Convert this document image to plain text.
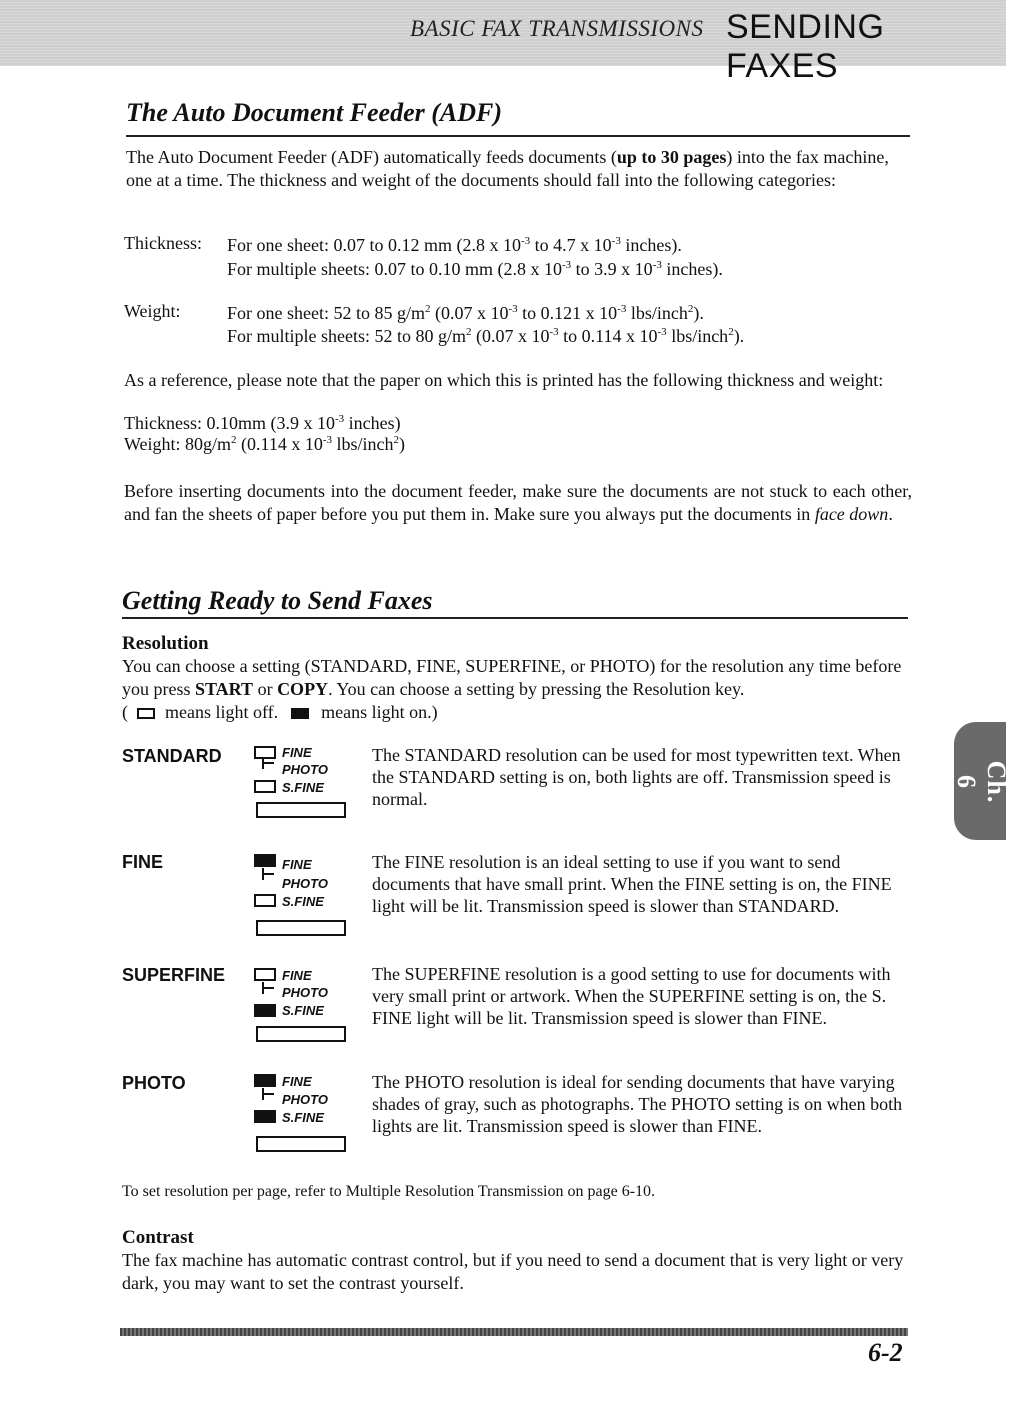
BASIC FAX TRANSMISSIONS SENDING FAXES
The Auto Document Feeder (ADF)

The Auto Document Feeder (ADF) automatically feeds documents (up to 30 pages) into the fax machine, one at a time. The thickness and weight of the documents should fall into the following categories:

Thickness: For one sheet: 0.07 to 0.12 mm (2.8 x $10^{-3}$ to 4.7 x $10^{-3}$ inches).
For multiple sheets: 0.07 to 0.10 mm (2.8 x $10^{-3}$ to 3.9 x $10^{-3}$ inches).
Weight:	For one sheet: 52 to 85 $g/m^2$ (0.07 x $10^{-3}$ to 0.121 x $10^{-3}$ lbs/inch$^2$).
For multiple sheets: 52 to 80 $g/m^2$ (0.07 x $10^{-3}$ to 0.114 x $10^{-3}$ lbs/inch$^2$).

As a reference, please note that the paper on which this is printed has the following thickness and weight:

Thickness: 0.10mm (3.9 x $10^{-3}$ inches)
Weight: $80g/m^2$ (0.114 x $10^{-3}$ lbs/inch$^2$)

Before inserting documents into the document feeder, make sure the documents are not stuck to each other, and fan the sheets of paper before you put them in. Make sure you always put the documents in face down.

Getting Ready to Send Faxes
Resolution

You can choose a setting (STANDARD, FINE, SUPERFINE, or PHOTO) for the resolution any time before you press START or COPY. You can choose a setting by pressing the Resolution key.

( means light off. means light on.)
STANDARD	FINE
PHOTO
S.FINE

The STANDARD resolution can be used for most typewritten text. When the STANDARD setting is on, both lights are off. Transmission speed is normal.

FINE	FINE
PHOTO
S.FINE

The FINE resolution is an ideal setting to use if you want to send documents that have small print. When the FINE setting is on, the FINE light will be lit. Transmission speed is slower than STANDARD.

SUPERFINE	FINE
PHOTO
S.FINE

The SUPERFINE resolution is a good setting to use for documents with very small print or artwork. When the SUPERFINE setting is on, the S. FINE light will be lit. Transmission speed is slower than FINE.

PHOTO	FINE
PHOTO
S.FINE

The PHOTO resolution is ideal for sending documents that have varying shades of gray, such as photographs. The PHOTO setting is on when both lights are lit. Transmission speed is slower than FINE.

To set resolution per page, refer to Multiple Resolution Transmission on page 6-10.
Contrast

The fax machine has automatic contrast control, but if you need to send a document that is very light or very dark, you may want to set the contrast yourself.

Ch. 6
6-2
